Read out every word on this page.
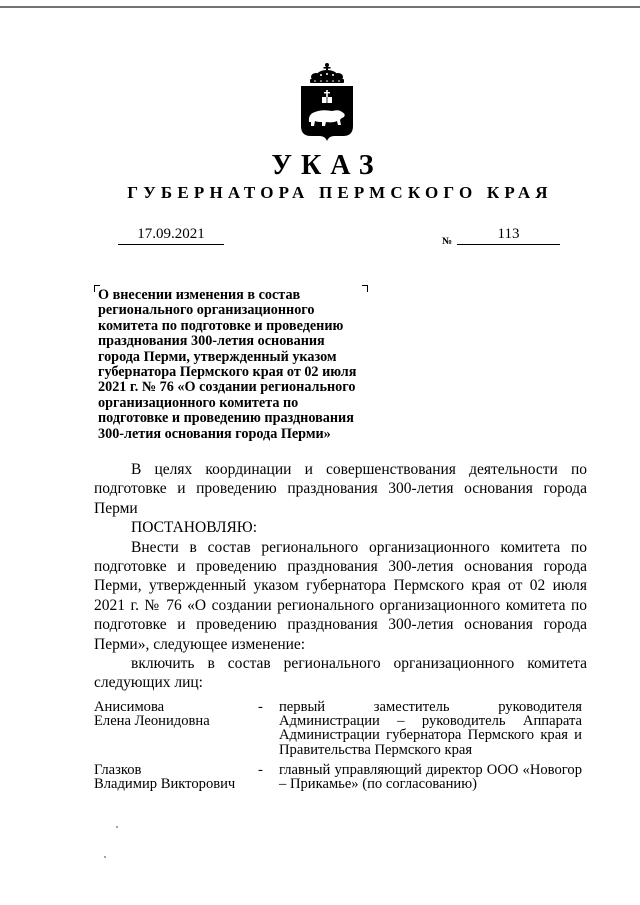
УКАЗ
ГУБЕРНАТОРА ПЕРМСКОГО КРАЯ
17.09.2021	№	113
О внесении изменения в состав регионального организационного комитета по подготовке и проведению празднования 300-летия основания города Перми, утвержденный указом губернатора Пермского края от 02 июля 2021 г. № 76 «О создании регионального организационного комитета по подготовке и проведению празднования 300-летия основания города Перми»

В целях координации и совершенствования деятельности по подготовке и проведению празднования 300-летия основания города Перми

ПОСТАНОВЛЯЮ:

Внести в состав регионального организационного комитета по подготовке и проведению празднования 300-летия основания города Перми, утвержденный указом губернатора Пермского края от 02 июля 2021 г. № 76 «О создании регионального организационного комитета по подготовке и проведению празднования 300-летия основания города Перми», следующее изменение:

включить в состав регионального организационного комитета следующих лиц:

Анисимова
Елена Леонидовна
-	первый заместитель руководителя Администрации – руководитель Аппарата Администрации губернатора Пермского края и Правительства Пермского края
Глазков
Владимир Викторович
-	главный управляющий директор ООО «Новогор – Прикамье» (по согласованию)
